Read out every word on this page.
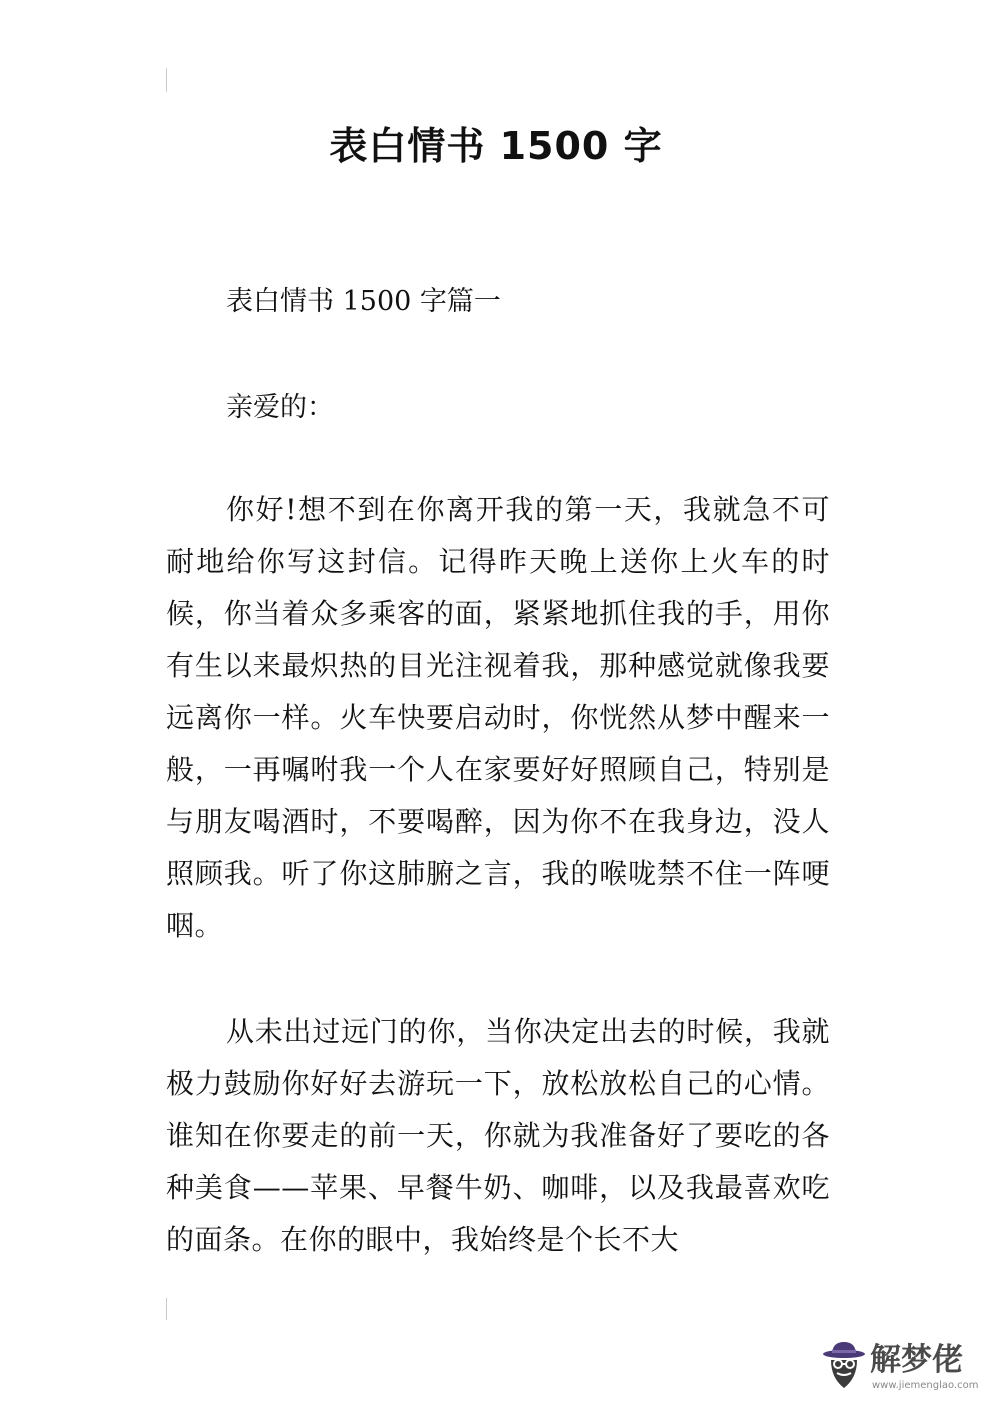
表白情书 1500 字

表白情书 1500 字篇一

亲爱的：

你好!想不到在你离开我的第一天，我就急不可耐地给你写这封信。记得昨天晚上送你上火车的时候，你当着众多乘客的面，紧紧地抓住我的手，用你有生以来最炽热的目光注视着我，那种感觉就像我要远离你一样。火车快要启动时，你恍然从梦中醒来一般，一再嘱咐我一个人在家要好好照顾自己，特别是与朋友喝酒时，不要喝醉，因为你不在我身边，没人照顾我。听了你这肺腑之言，我的喉咙禁不住一阵哽咽。

从未出过远门的你，当你决定出去的时候，我就极力鼓励你好好去游玩一下，放松放松自己的心情。谁知在你要走的前一天，你就为我准备好了要吃的各种美食——苹果、早餐牛奶、咖啡，以及我最喜欢吃的面条。在你的眼中，我始终是个长不大

解梦佬
www.jiemenglao.com
